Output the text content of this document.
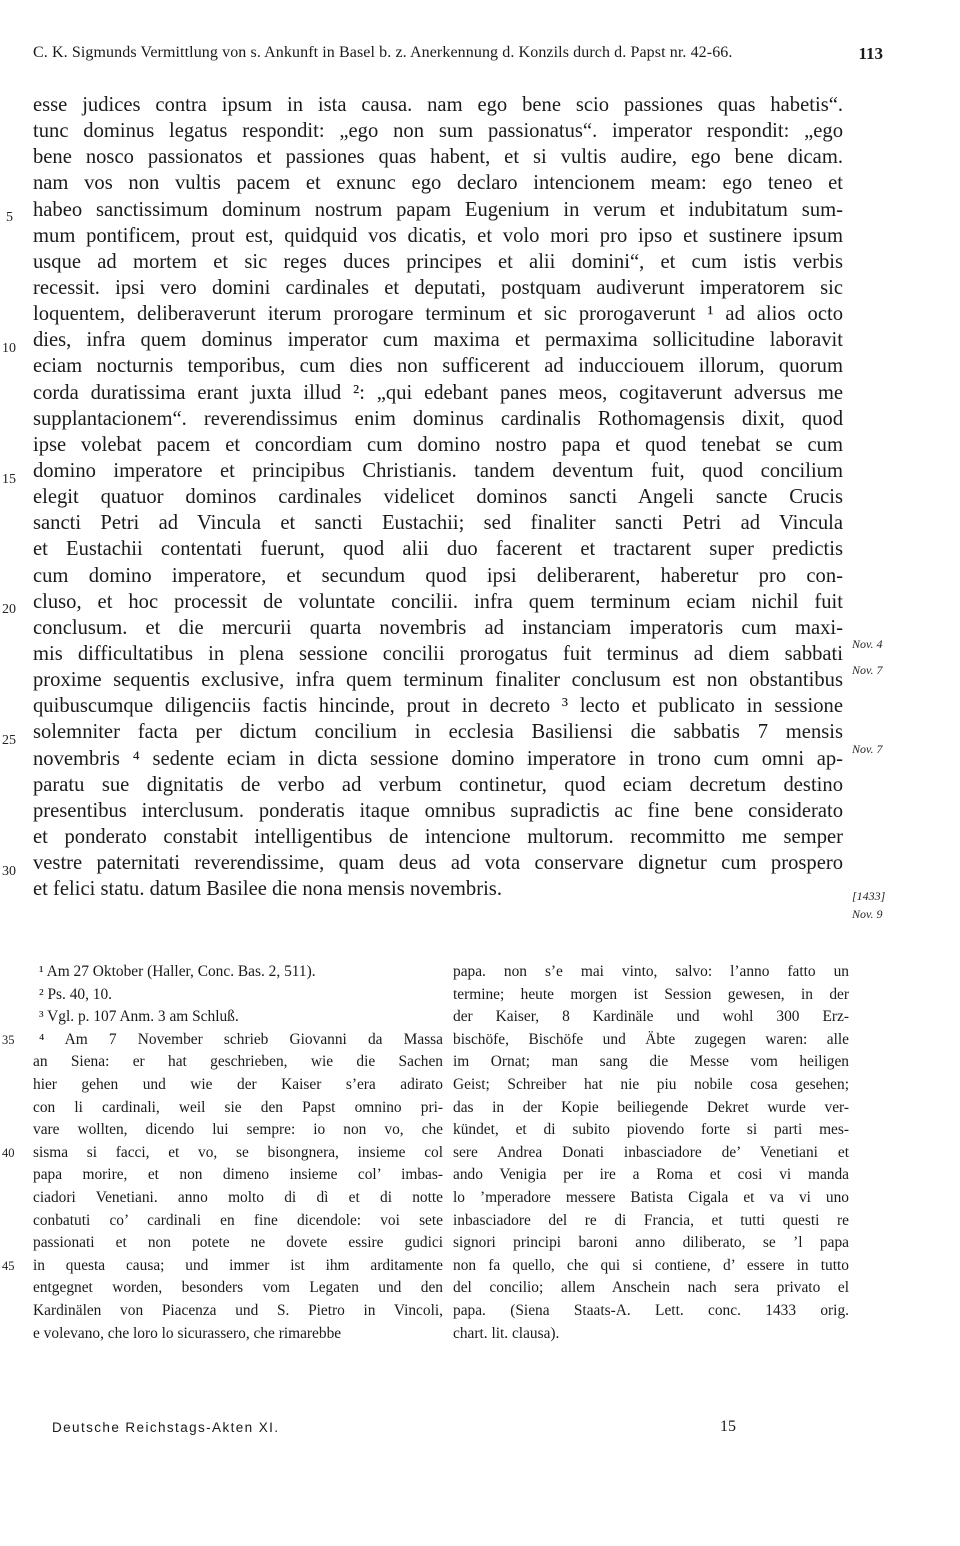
C. K. Sigmunds Vermittlung von s. Ankunft in Basel b. z. Anerkennung d. Konzils durch d. Papst nr. 42-66.	113
esse judices contra ipsum in ista causa. nam ego bene scio passiones quas habetis“.
tunc dominus legatus respondit: „ego non sum passionatus“. imperator respondit: „ego
bene nosco passionatos et passiones quas habent, et si vultis audire, ego bene dicam.
nam vos non vultis pacem et exnunc ego declaro intencionem meam: ego teneo et
habeo sanctissimum dominum nostrum papam Eugenium in verum et indubitatum sum-
mum pontificem, prout est, quidquid vos dicatis, et volo mori pro ipso et sustinere ipsum
usque ad mortem et sic reges duces principes et alii domini“, et cum istis verbis
recessit. ipsi vero domini cardinales et deputati, postquam audiverunt imperatorem sic
loquentem, deliberaverunt iterum prorogare terminum et sic prorogaverunt ¹ ad alios octo
dies, infra quem dominus imperator cum maxima et permaxima sollicitudine laboravit
eciam nocturnis temporibus, cum dies non sufficerent ad inducciouem illorum, quorum
corda duratissima erant juxta illud ²: „qui edebant panes meos, cogitaverunt adversus me
supplantacionem“. reverendissimus enim dominus cardinalis Rothomagensis dixit, quod
ipse volebat pacem et concordiam cum domino nostro papa et quod tenebat se cum
domino imperatore et principibus Christianis. tandem deventum fuit, quod concilium
elegit quatuor dominos cardinales videlicet dominos sancti Angeli sancte Crucis
sancti Petri ad Vincula et sancti Eustachii; sed finaliter sancti Petri ad Vincula
et Eustachii contentati fuerunt, quod alii duo facerent et tractarent super predictis
cum domino imperatore, et secundum quod ipsi deliberarent, haberetur pro con-
cluso, et hoc processit de voluntate concilii. infra quem terminum eciam nichil fuit
conclusum. et die mercurii quarta novembris ad instanciam imperatoris cum maxi-
mis difficultatibus in plena sessione concilii prorogatus fuit terminus ad diem sabbati
proxime sequentis exclusive, infra quem terminum finaliter conclusum est non obstantibus
quibuscumque diligenciis factis hincinde, prout in decreto ³ lecto et publicato in sessione
solemniter facta per dictum concilium in ecclesia Basiliensi die sabbatis 7 mensis
novembris ⁴ sedente eciam in dicta sessione domino imperatore in trono cum omni ap-
paratu sue dignitatis de verbo ad verbum continetur, quod eciam decretum destino
presentibus interclusum. ponderatis itaque omnibus supradictis ac fine bene considerato
et ponderato constabit intelligentibus de intencione multorum. recommitto me semper
vestre paternitati reverendissime, quam deus ad vota conservare dignetur cum prospero
et felici statu. datum Basilee die nona mensis novembris.
5
10
15
20
25
30
Nov. 4
Nov. 7
Nov. 7
[1433]
Nov. 9
¹ Am 27 Oktober (Haller, Conc. Bas. 2, 511).
² Ps. 40, 10.
³ Vgl. p. 107 Anm. 3 am Schluß.
⁴ Am 7 November schrieb Giovanni da Massa
an Siena: er hat geschrieben, wie die Sachen
hier gehen und wie der Kaiser s’era adirato
con li cardinali, weil sie den Papst omnino pri-
vare wollten, dicendo lui sempre: io non vo, che
sisma si facci, et vo, se bisongnera, insieme col
papa morire, et non dimeno insieme col’ imbas-
ciadori Venetiani. anno molto di dì et di notte
conbatuti co’ cardinali en fine dicendole: voi sete
passionati et non potete ne dovete essire gudici
in questa causa; und immer ist ihm arditamente
entgegnet worden, besonders vom Legaten und den
Kardinälen von Piacenza und S. Pietro in Vincoli,
e volevano, che loro lo sicurassero, che rimarebbe
35
40
45
papa. non s’e mai vinto, salvo: l’anno fatto un
termine; heute morgen ist Session gewesen, in der
der Kaiser, 8 Kardinäle und wohl 300 Erz-
bischöfe, Bischöfe und Äbte zugegen waren: alle
im Ornat; man sang die Messe vom heiligen
Geist; Schreiber hat nie piu nobile cosa gesehen;
das in der Kopie beiliegende Dekret wurde ver-
kündet, et di subito piovendo forte si parti mes-
sere Andrea Donati inbasciadore de’ Venetiani et
ando Venigia per ire a Roma et cosi vi manda
lo ’mperadore messere Batista Cigala et va vi uno
inbasciadore del re di Francia, et tutti questi re
signori principi baroni anno diliberato, se ’l papa
non fa quello, che qui si contiene, d’ essere in tutto
del concilio; allem Anschein nach sera privato el
papa. (Siena Staats-A. Lett. conc. 1433 orig.
chart. lit. clausa).
Deutsche Reichstags-Akten XI.	15
